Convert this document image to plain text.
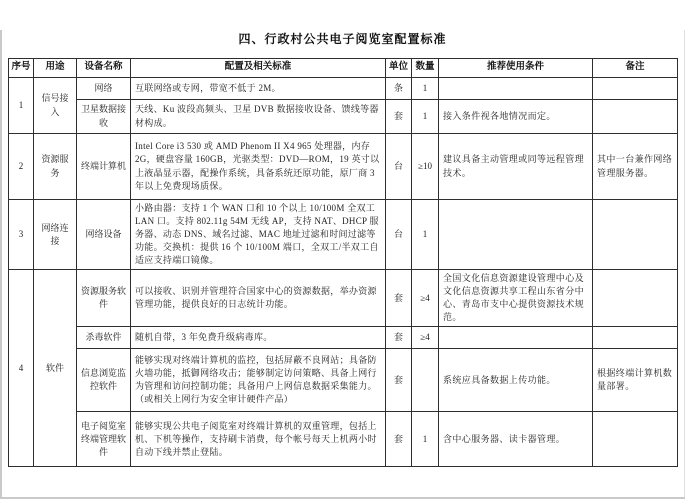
四、行政村公共电子阅览室配置标准
序号	用途	设备名称	配置及相关标准	单位	数量	推荐使用条件	备注
1	信号接入	网络	互联网络或专网，带宽不低于 2M。	条	1		
		卫星数据接收	天线、Ku 波段高频头、卫星 DVB 数据接收设备、馈线等器材构成。	套	1	接入条件视各地情况而定。	
2	资源服务	终端计算机	Intel Core i3 530 或 AMD Phenom II X4 965 处理器，内存 2G，硬盘容量 160GB，光驱类型：DVD—ROM，19 英寸以上液晶显示器，配操作系统，具备系统还原功能，原厂商 3 年以上免费现场质保。	台	≥10	建议具备主动管理或同等远程管理技术。	其中一台兼作网络管理服务器。
3	网络连接	网络设备	小路由器：支持 1 个 WAN 口和 10 个以上 10/100M 全双工 LAN 口。支持 802.11g 54M 无线 AP，支持 NAT、DHCP 服务器、动态 DNS、域名过滤、MAC 地址过滤和时间过滤等功能。交换机：提供 16 个 10/100M 端口，全双工/半双工自适应支持端口镜像。	台	1		
4	软件	资源服务软件	可以接收、识别并管理符合国家中心的资源数据，举办资源管理功能，提供良好的日志统计功能。	套	≥4	全国文化信息资源建设管理中心及文化信息资源共享工程山东省分中心、青岛市支中心提供资源技术规范。	
		杀毒软件	随机自带，3 年免费升级病毒库。	套	≥4		
		信息浏览监控软件	能够实现对终端计算机的监控，包括屏蔽不良网站；具备防火墙功能，抵御网络攻击；能够制定访问策略、具备上网行为管理和访问控制功能；具备用户上网信息数据采集能力。（或相关上网行为安全审计硬件产品）	套		系统应具备数据上传功能。	根据终端计算机数量部署。
		电子阅览室终端管理软件	能够实现公共电子阅览室对终端计算机的双重管理，包括上机、下机等操作，支持刷卡消费，每个帐号每天上机两小时自动下线并禁止登陆。	套	1	含中心服务器、读卡器管理。	
